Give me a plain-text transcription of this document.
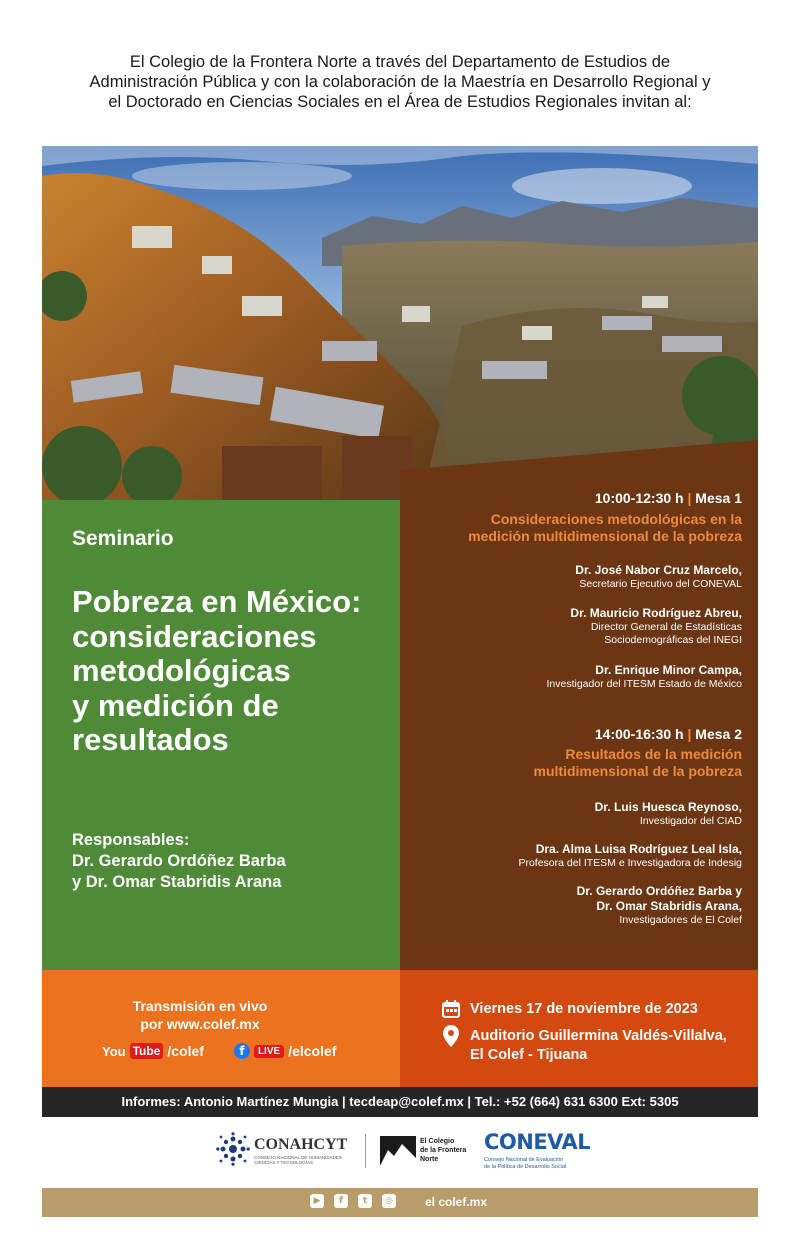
El Colegio de la Frontera Norte a través del Departamento de Estudios de
Administración Pública y con la colaboración de la Maestría en Desarrollo Regional y
el Doctorado en Ciencias Sociales en el Área de Estudios Regionales invitan al:
Seminario
Pobreza en México:
consideraciones
metodológicas
y medición de
resultados
Responsables:
Dr. Gerardo Ordóñez Barba
y Dr. Omar Stabridis Arana
10:00-12:30 h | Mesa 1
Consideraciones metodológicas en la
medición multidimensional de la pobreza
Dr. José Nabor Cruz Marcelo,
Secretario Ejecutivo del CONEVAL
Dr. Mauricio Rodríguez Abreu,
Director General de Estadísticas
Sociodemográficas del INEGI
Dr. Enrique Minor Campa,
Investigador del ITESM Estado de México
14:00-16:30 h | Mesa 2
Resultados de la medición
multidimensional de la pobreza
Dr. Luis Huesca Reynoso,
Investigador del CIAD
Dra. Alma Luisa Rodríguez Leal Isla,
Profesora del ITESM e Investigadora de Indesig
Dr. Gerardo Ordóñez Barba y
Dr. Omar Stabridis Arana,
Investigadores de El Colef
Transmisión en vivo
por www.colef.mx
You Tube /colef	f	LIVE /elcolef
Viernes 17 de noviembre de 2023
Auditorio Guillermina Valdés-Villalva,
El Colef - Tijuana
Informes: Antonio Martínez Mungia | tecdeap@colef.mx | Tel.: +52 (664) 631 6300 Ext: 5305
CONAHCYT
CONSEJO NACIONAL DE HUMANIDADES CIENCIAS Y TECNOLOGÍAS
El Colegio
de la Frontera
Norte
CONEVAL
Consejo Nacional de Evaluación
de la Política de Desarrollo Social
▶	f	t	◎	el colef.mx
